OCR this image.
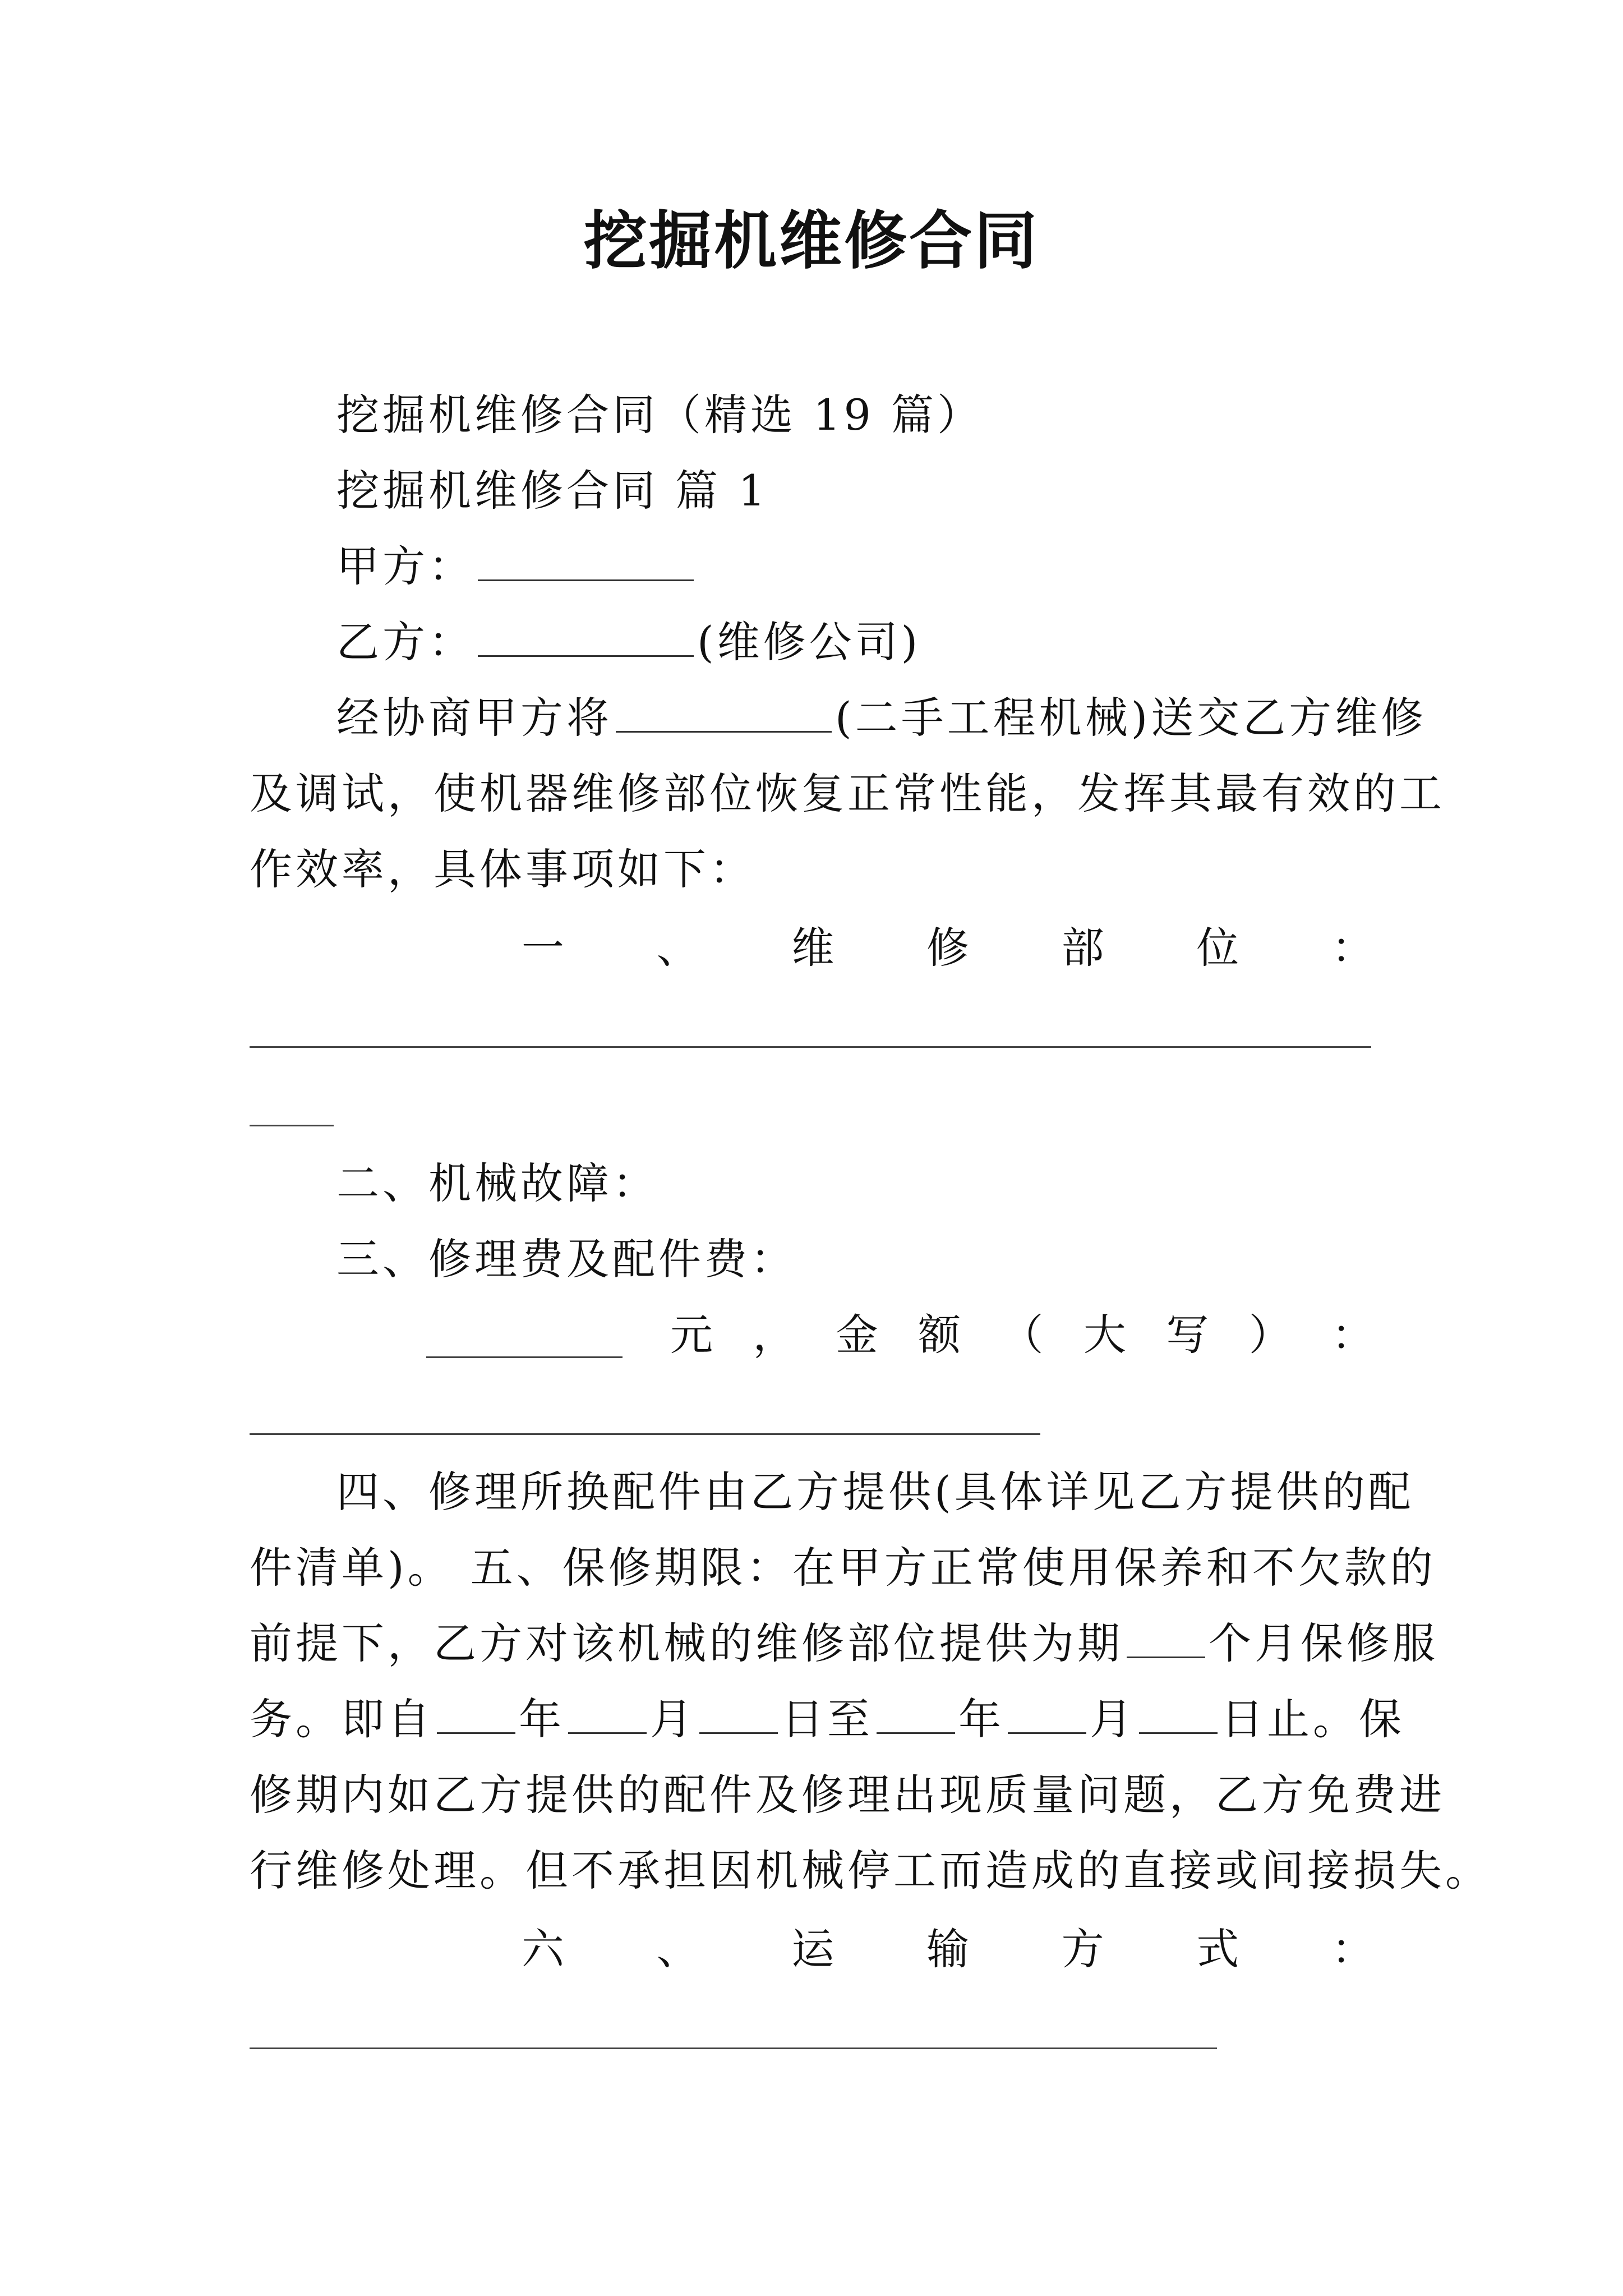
挖掘机维修合同
挖掘机维修合同（精选 19 篇）
挖掘机维修合同 篇 1
甲方：
乙方：	(维修公司)
经协商甲方将	(二手工程机械)送交乙方维修
及调试，使机器维修部位恢复正常性能，发挥其最有效的工
作效率，具体事项如下：
一 、 维 修 部 位 ：
二、机械故障：
三、修理费及配件费：
元 ， 金 额 （ 大 写 ） ：
四、修理所换配件由乙方提供(具体详见乙方提供的配
件清单)。 五、保修期限：在甲方正常使用保养和不欠款的
前提下，乙方对该机械的维修部位提供为期 个月保修服
务。即自 年 月 日至 年 月 日止。保
修期内如乙方提供的配件及修理出现质量问题，乙方免费进
行维修处理。但不承担因机械停工而造成的直接或间接损失。
六 、 运 输 方 式 ：
